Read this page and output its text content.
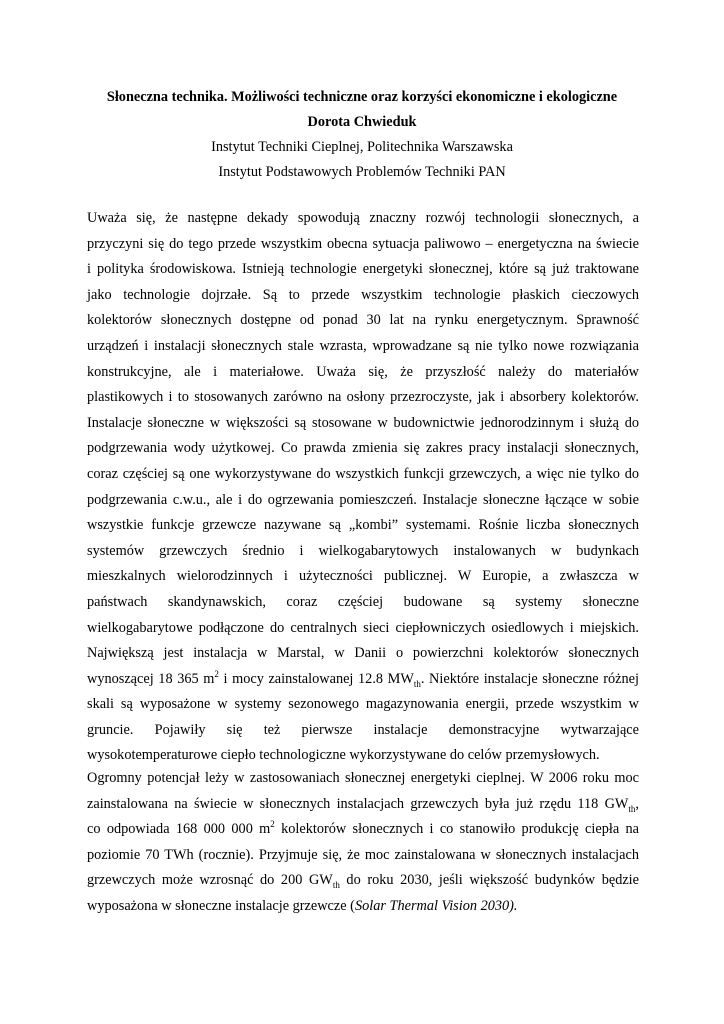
Słoneczna technika. Możliwości techniczne oraz korzyści ekonomiczne i ekologiczne
Dorota Chwieduk
Instytut Techniki Cieplnej, Politechnika Warszawska
Instytut Podstawowych Problemów Techniki PAN
Uważa się, że następne dekady spowodują znaczny rozwój technologii słonecznych, a
przyczyni się do tego przede wszystkim obecna sytuacja paliwowo – energetyczna na świecie
i polityka środowiskowa. Istnieją technologie energetyki słonecznej, które są już traktowane
jako technologie dojrzałe. Są to przede wszystkim technologie płaskich cieczowych
kolektorów słonecznych dostępne od ponad 30 lat na rynku energetycznym. Sprawność
urządzeń i instalacji słonecznych stale wzrasta, wprowadzane są nie tylko nowe rozwiązania
konstrukcyjne, ale i materiałowe. Uważa się, że przyszłość należy do materiałów
plastikowych i to stosowanych zarówno na osłony przezroczyste, jak i absorbery kolektorów.
Instalacje słoneczne w większości są stosowane w budownictwie jednorodzinnym i służą do
podgrzewania wody użytkowej. Co prawda zmienia się zakres pracy instalacji słonecznych,
coraz częściej są one wykorzystywane do wszystkich funkcji grzewczych, a więc nie tylko do
podgrzewania c.w.u., ale i do ogrzewania pomieszczeń. Instalacje słoneczne łączące w sobie
wszystkie funkcje grzewcze nazywane są „kombi” systemami. Rośnie liczba słonecznych
systemów grzewczych średnio i wielkogabarytowych instalowanych w budynkach
mieszkalnych wielorodzinnych i użyteczności publicznej. W Europie, a zwłaszcza w
państwach skandynawskich, coraz częściej budowane są systemy słoneczne
wielkogabarytowe podłączone do centralnych sieci ciepłowniczych osiedlowych i miejskich.
Największą jest instalacja w Marstal, w Danii o powierzchni kolektorów słonecznych
wynoszącej 18 365 $m^2$ i mocy zainstalowanej 12.8 $MW_{th}$. Niektóre instalacje słoneczne różnej
skali są wyposażone w systemy sezonowego magazynowania energii, przede wszystkim w
gruncie. Pojawiły się też pierwsze instalacje demonstracyjne wytwarzające
wysokotemperaturowe ciepło technologiczne wykorzystywane do celów przemysłowych.
Ogromny potencjał leży w zastosowaniach słonecznej energetyki cieplnej. W 2006 roku moc
zainstalowana na świecie w słonecznych instalacjach grzewczych była już rzędu 118 $GW_{th}$,
co odpowiada 168 000 000 $m^2$ kolektorów słonecznych i co stanowiło produkcję ciepła na
poziomie 70 TWh (rocznie). Przyjmuje się, że moc zainstalowana w słonecznych instalacjach
grzewczych może wzrosnąć do 200 $GW_{th}$ do roku 2030, jeśli większość budynków będzie
wyposażona w słoneczne instalacje grzewcze (Solar Thermal Vision 2030).
